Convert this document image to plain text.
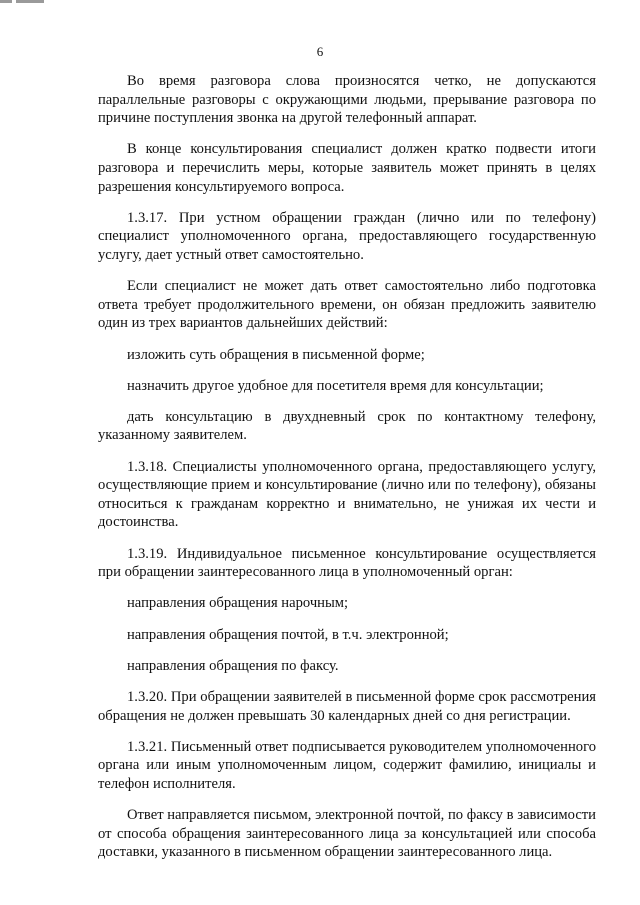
6

Во время разговора слова произносятся четко, не допускаются параллельные разговоры с окружающими людьми, прерывание разговора по причине поступления звонка на другой телефонный аппарат.

В конце консультирования специалист должен кратко подвести итоги разговора и перечислить меры, которые заявитель может принять в целях разрешения консультируемого вопроса.

1.3.17. При устном обращении граждан (лично или по телефону) специалист уполномоченного органа, предоставляющего государственную услугу, дает устный ответ самостоятельно.

Если специалист не может дать ответ самостоятельно либо подготовка ответа требует продолжительного времени, он обязан предложить заявителю один из трех вариантов дальнейших действий:

изложить суть обращения в письменной форме;

назначить другое удобное для посетителя время для консультации;

дать консультацию в двухдневный срок по контактному телефону, указанному заявителем.

1.3.18. Специалисты уполномоченного органа, предоставляющего услугу, осуществляющие прием и консультирование (лично или по телефону), обязаны относиться к гражданам корректно и внимательно, не унижая их чести и достоинства.

1.3.19. Индивидуальное письменное консультирование осуществляется при обращении заинтересованного лица в уполномоченный орган:

направления обращения нарочным;

направления обращения почтой, в т.ч. электронной;

направления обращения по факсу.

1.3.20. При обращении заявителей в письменной форме срок рассмотрения обращения не должен превышать 30 календарных дней со дня регистрации.

1.3.21. Письменный ответ подписывается руководителем уполномоченного органа или иным уполномоченным лицом, содержит фамилию, инициалы и телефон исполнителя.

Ответ направляется письмом, электронной почтой, по факсу в зависимости от способа обращения заинтересованного лица за консультацией или способа доставки, указанного в письменном обращении заинтересованного лица.
